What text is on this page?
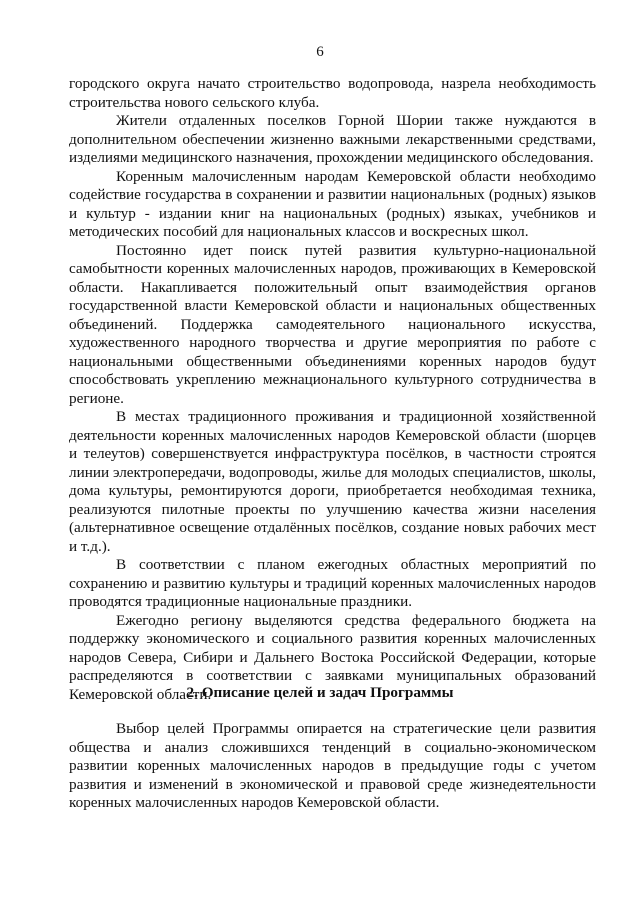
6

городского округа начато строительство водопровода, назрела необходимость строительства нового сельского клуба.

Жители отдаленных поселков Горной Шории также нуждаются в дополнительном обеспечении жизненно важными лекарственными средствами, изделиями медицинского назначения, прохождении медицинского обследования.

Коренным малочисленным народам Кемеровской области необходимо содействие государства в сохранении и развитии национальных (родных) языков и культур - издании книг на национальных (родных) языках, учебников и методических пособий для национальных классов и воскресных школ.

Постоянно идет поиск путей развития культурно-национальной самобытности коренных малочисленных народов, проживающих в Кемеровской области. Накапливается положительный опыт взаимодействия органов государственной власти Кемеровской области и национальных общественных объединений. Поддержка самодеятельного национального искусства, художественного народного творчества и другие мероприятия по работе с национальными общественными объединениями коренных народов будут способствовать укреплению межнационального культурного сотрудничества в регионе.

В местах традиционного проживания и традиционной хозяйственной деятельности коренных малочисленных народов Кемеровской области (шорцев и телеутов) совершенствуется инфраструктура посёлков, в частности строятся линии электропередачи, водопроводы, жилье для молодых специалистов, школы, дома культуры, ремонтируются дороги, приобретается необходимая техника, реализуются пилотные проекты по улучшению качества жизни населения (альтернативное освещение отдалённых посёлков, создание новых рабочих мест и т.д.).

В соответствии с планом ежегодных областных мероприятий по сохранению и развитию культуры и традиций коренных малочисленных народов проводятся традиционные национальные праздники.

Ежегодно региону выделяются средства федерального бюджета на поддержку экономического и социального развития коренных малочисленных народов Севера, Сибири и Дальнего Востока Российской Федерации, которые распределяются в соответствии с заявками муниципальных образований Кемеровской области.

2. Описание целей и задач Программы

Выбор целей Программы опирается на стратегические цели развития общества и анализ сложившихся тенденций в социально-экономическом развитии коренных малочисленных народов в предыдущие годы с учетом развития и изменений в экономической и правовой среде жизнедеятельности коренных малочисленных народов Кемеровской области.
